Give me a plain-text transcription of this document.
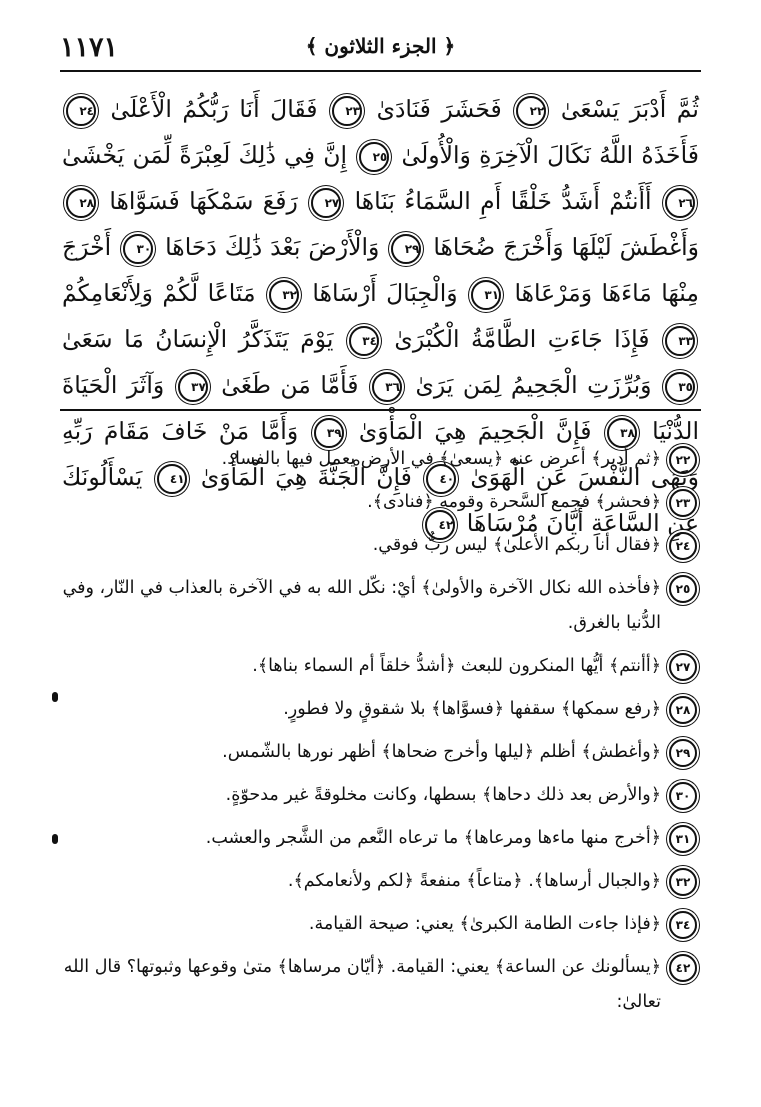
١١٧١	﴿ الجزء الثلاثون ﴾
ثُمَّ أَدْبَرَ يَسْعَىٰ ٢٢ فَحَشَرَ فَنَادَىٰ ٢٣ فَقَالَ أَنَا رَبُّكُمُ الْأَعْلَىٰ ٢٤ فَأَخَذَهُ اللَّهُ نَكَالَ الْآخِرَةِ وَالْأُولَىٰ ٢٥ إِنَّ فِي ذَٰلِكَ لَعِبْرَةً لِّمَن يَخْشَىٰ ٢٦ أَأَنتُمْ أَشَدُّ خَلْقًا أَمِ السَّمَاءُ بَنَاهَا ٢٧ رَفَعَ سَمْكَهَا فَسَوَّاهَا ٢٨ وَأَغْطَشَ لَيْلَهَا وَأَخْرَجَ ضُحَاهَا ٢٩ وَالْأَرْضَ بَعْدَ ذَٰلِكَ دَحَاهَا ٣٠ أَخْرَجَ مِنْهَا مَاءَهَا وَمَرْعَاهَا ٣١ وَالْجِبَالَ أَرْسَاهَا ٣٢ مَتَاعًا لَّكُمْ وَلِأَنْعَامِكُمْ ٣٣ فَإِذَا جَاءَتِ الطَّامَّةُ الْكُبْرَىٰ ٣٤ يَوْمَ يَتَذَكَّرُ الْإِنسَانُ مَا سَعَىٰ ٣٥ وَبُرِّزَتِ الْجَحِيمُ لِمَن يَرَىٰ ٣٦ فَأَمَّا مَن طَغَىٰ ٣٧ وَآثَرَ الْحَيَاةَ الدُّنْيَا ٣٨ فَإِنَّ الْجَحِيمَ هِيَ الْمَأْوَىٰ ٣٩ وَأَمَّا مَنْ خَافَ مَقَامَ رَبِّهِ وَنَهَى النَّفْسَ عَنِ الْهَوَىٰ ٤٠ فَإِنَّ الْجَنَّةَ هِيَ الْمَأْوَىٰ ٤١ يَسْأَلُونَكَ عَنِ السَّاعَةِ أَيَّانَ مُرْسَاهَا ٤٢
٢٢
﴿ثم أدبر﴾ أعرض عنه ﴿يسعىٰ﴾ في الأرض يعمل فيها بالفساد.
٢٣
﴿فحشر﴾ فجمع السَّحرة وقومه ﴿فنادى﴾.
٢٤
﴿فقال أنا ربكم الأعلىٰ﴾ ليس ربٌّ فوقي.
٢٥
﴿فأخذه الله نكال الآخرة والأولىٰ﴾ أيْ: نكّل الله به في الآخرة بالعذاب في النّار، وفي الدُّنيا بالغرق.
٢٧
﴿أأنتم﴾ أيُّها المنكرون للبعث ﴿أشدُّ خلقاً أم السماء بناها﴾.
٢٨
﴿رفع سمكها﴾ سقفها ﴿فسوَّاها﴾ بلا شقوقٍ ولا فطورٍ.
٢٩
﴿وأغطش﴾ أظلم ﴿ليلها وأخرج ضحاها﴾ أظهر نورها بالشّمس.
٣٠
﴿والأرض بعد ذلك دحاها﴾ بسطها، وكانت مخلوقةً غير مدحوّةٍ.
٣١
﴿أخرج منها ماءها ومرعاها﴾ ما ترعاه النَّعم من الشَّجر والعشب.
٣٢
﴿والجبال أرساها﴾. ﴿متاعاً﴾ منفعةً ﴿لكم ولأنعامكم﴾.
٣٤
﴿فإذا جاءت الطامة الكبرىٰ﴾ يعني: صيحة القيامة.
٤٢
﴿يسألونك عن الساعة﴾ يعني: القيامة. ﴿أيّان مرساها﴾ متىٰ وقوعها وثبوتها؟ قال الله تعالىٰ:
